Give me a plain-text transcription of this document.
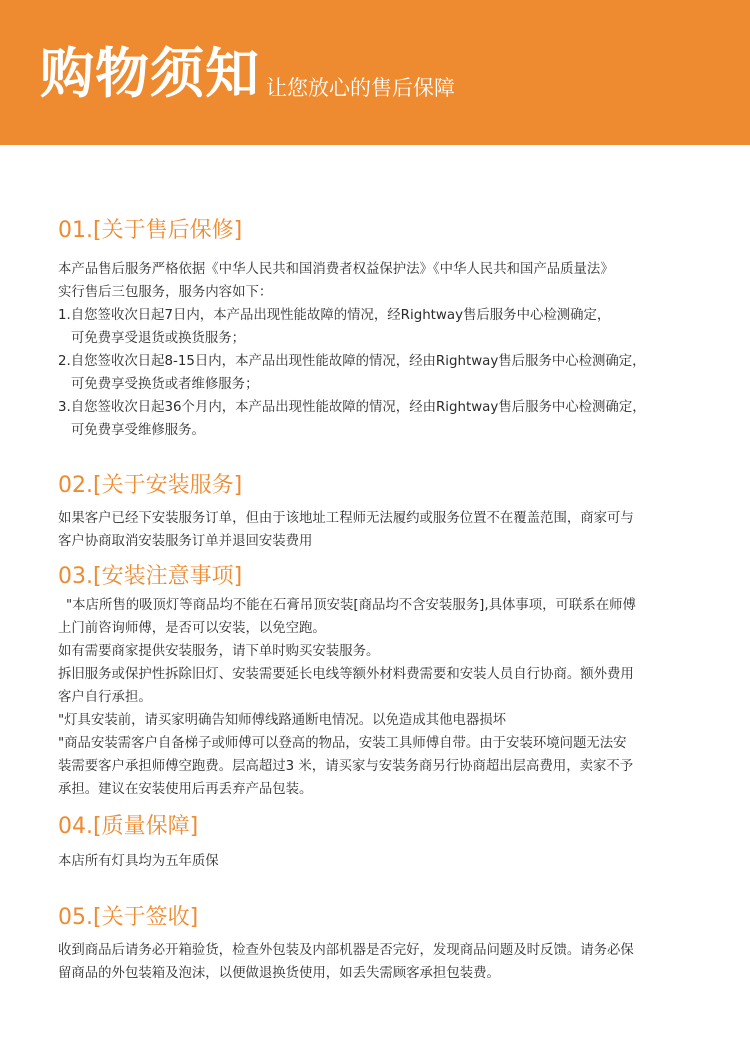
购物须知 让您放心的售后保障
01.[关于售后保修]

本产品售后服务严格依据《中华人民共和国消费者权益保护法》《中华人民共和国产品质量法》

实行售后三包服务，服务内容如下：

1.自您签收次日起7日内，本产品出现性能故障的情况，经Rightway售后服务中心检测确定，

可免费享受退货或换货服务；

2.自您签收次日起8-15日内，本产品出现性能故障的情况，经由Rightway售后服务中心检测确定，

可免费享受换货或者维修服务；

3.自您签收次日起36个月内，本产品出现性能故障的情况，经由Rightway售后服务中心检测确定，

可免费享受维修服务。

02.[关于安装服务]

如果客户已经下安装服务订单，但由于该地址工程师无法履约或服务位置不在覆盖范围，商家可与

客户协商取消安装服务订单并退回安装费用

03.[安装注意事项]

"本店所售的吸顶灯等商品均不能在石膏吊顶安装[商品均不含安装服务],具体事项，可联系在师傅

上门前咨询师傅，是否可以安装，以免空跑。

如有需要商家提供安装服务，请下单时购买安装服务。

拆旧服务或保护性拆除旧灯、安装需要延长电线等额外材料费需要和安装人员自行协商。额外费用

客户自行承担。

"灯具安装前，请买家明确告知师傅线路通断电情况。以免造成其他电器损坏

"商品安装需客户自备梯子或师傅可以登高的物品，安装工具师傅自带。由于安装环境问题无法安

装需要客户承担师傅空跑费。层高超过3 米，请买家与安装务商另行协商超出层高费用，卖家不予

承担。建议在安装使用后再丢弃产品包装。

04.[质量保障]

本店所有灯具均为五年质保

05.[关于签收]

收到商品后请务必开箱验货，检查外包装及内部机器是否完好，发现商品问题及时反馈。请务必保

留商品的外包装箱及泡沫，以便做退换货使用，如丢失需顾客承担包装费。
